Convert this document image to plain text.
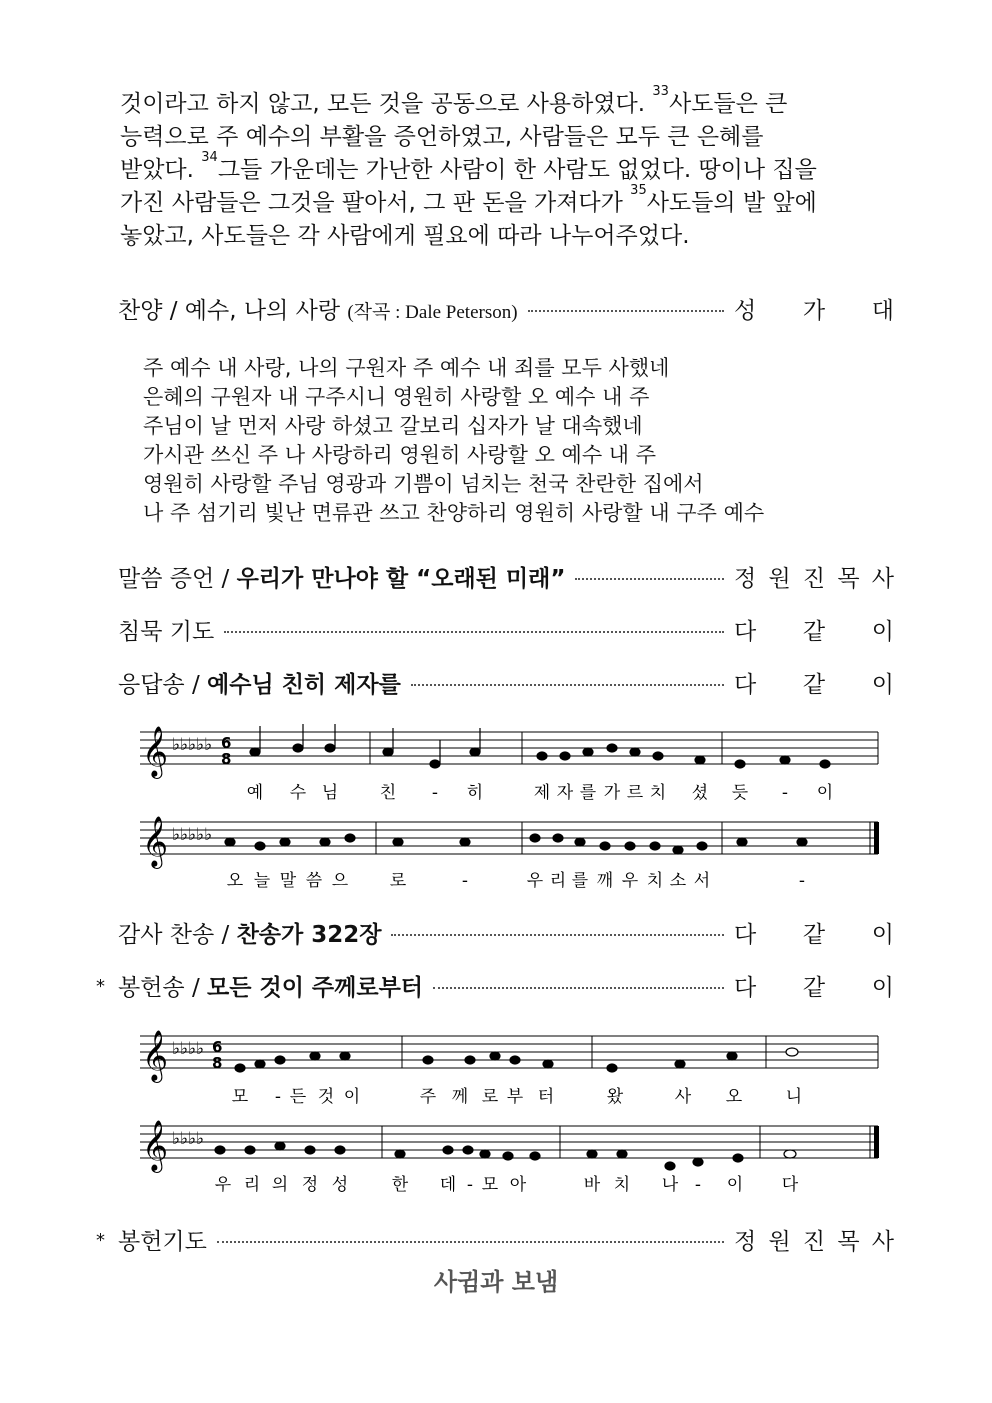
것이라고 하지 않고, 모든 것을 공동으로 사용하였다. $^{33}$사도들은 큰

능력으로 주 예수의 부활을 증언하였고, 사람들은 모두 큰 은혜를

받았다. $^{34}$그들 가운데는 가난한 사람이 한 사람도 없었다. 땅이나 집을

가진 사람들은 그것을 팔아서, 그 판 돈을 가져다가 $^{35}$사도들의 발 앞에

놓았고, 사도들은 각 사람에게 필요에 따라 나누어주었다.

찬양 / 예수, 나의 사랑 (작곡 : Dale Peterson)	성 가 대

주 예수 내 사랑, 나의 구원자 주 예수 내 죄를 모두 사했네

은혜의 구원자 내 구주시니 영원히 사랑할 오 예수 내 주

주님이 날 먼저 사랑 하셨고 갈보리 십자가 날 대속했네

가시관 쓰신 주 나 사랑하리 영원히 사랑할 오 예수 내 주

영원히 사랑할 주님 영광과 기쁨이 넘치는 천국 찬란한 집에서

나 주 섬기리 빛난 면류관 쓰고 찬양하리 영원히 사랑할 내 구주 예수

말씀 증언 / 우리가 만나야 할 “오래된 미래”	정 원 진 목 사
침묵 기도	다 같 이
응답송 / 예수님 친히 제자를	다 같 이
𝄞
𝄞
♭♭♭♭♭
♭♭♭♭♭
6
8
예 수 님 친 - 히	제 자 를 가 르 치 셨 듯 - 이
오 늘 말 씀 으 로	-	우 리 를 깨 우 치 소 서	-
감사 찬송 / 찬송가 322장	다 같 이
* 봉헌송 / 모든 것이 주께로부터	다 같 이
𝄞
𝄞
♭♭♭♭
♭♭♭♭
6
8
모 - 든 것 이	주 께 로 부 터	왔	사 오	니
우 리 의 정 성	한 데 - 모 아	바 치 나 - 이 다
* 봉헌기도	정 원 진 목 사
사귐과 보냄
